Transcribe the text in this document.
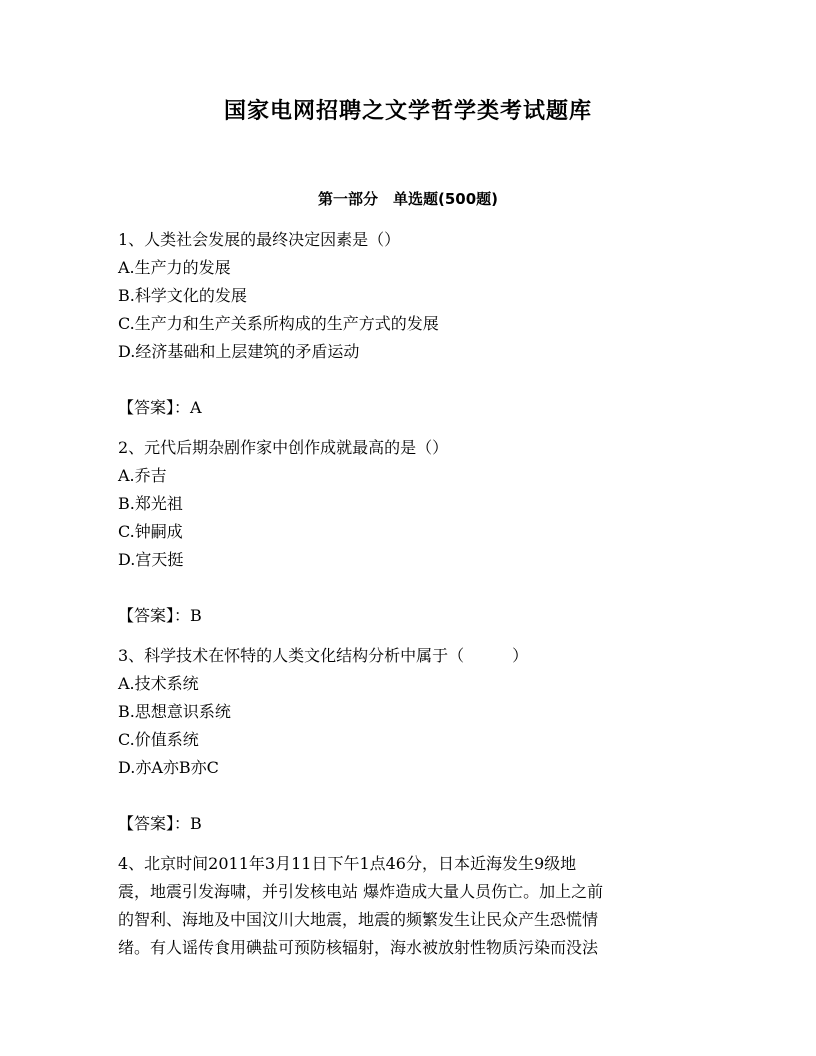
国家电网招聘之文学哲学类考试题库
第一部分　单选题(500题)
1、人类社会发展的最终决定因素是（）
A.生产力的发展
B.科学文化的发展
C.生产力和生产关系所构成的生产方式的发展
D.经济基础和上层建筑的矛盾运动
【答案】：A
2、元代后期杂剧作家中创作成就最高的是（）
A.乔吉
B.郑光祖
C.钟嗣成
D.宫天挺
【答案】：B
3、科学技术在怀特的人类文化结构分析中属于（　　　）
A.技术系统
B.思想意识系统
C.价值系统
D.亦A亦B亦C
【答案】：B
4、北京时间2011年3月11日下午1点46分，日本近海发生9级地
震，地震引发海啸，并引发核电站 爆炸造成大量人员伤亡。加上之前
的智利、海地及中国汶川大地震，地震的频繁发生让民众产生恐慌情
绪。有人谣传食用碘盐可预防核辐射，海水被放射性物质污染而没法
